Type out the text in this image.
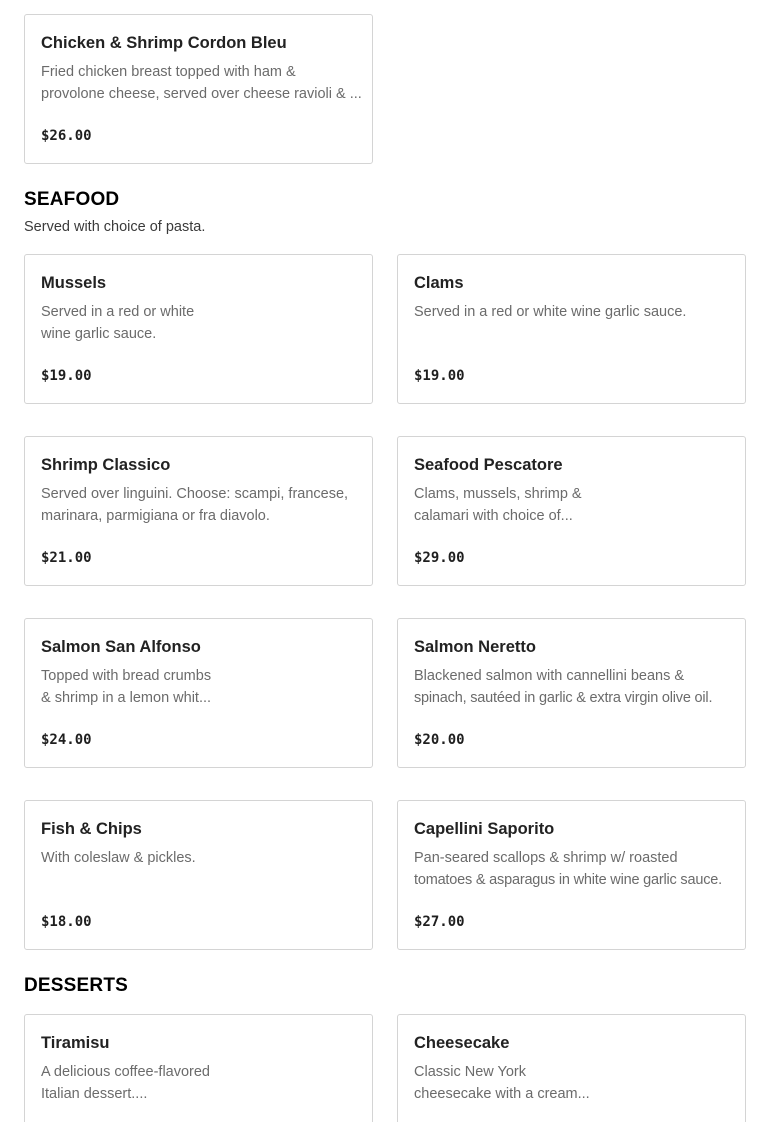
Chicken & Shrimp Cordon Bleu
Fried chicken breast topped with ham &
provolone cheese, served over cheese ravioli & ...
$26.00
SEAFOOD
Served with choice of pasta.
Mussels
Served in a red or white
wine garlic sauce.
$19.00
Clams
Served in a red or white wine garlic sauce.
$19.00
Shrimp Classico
Served over linguini. Choose: scampi, francese,
marinara, parmigiana or fra diavolo.
$21.00
Seafood Pescatore
Clams, mussels, shrimp &
calamari with choice of...
$29.00
Salmon San Alfonso
Topped with bread crumbs
& shrimp in a lemon whit...
$24.00
Salmon Neretto
Blackened salmon with cannellini beans &
spinach, sautéed in garlic & extra virgin olive oil.
$20.00
Fish & Chips
With coleslaw & pickles.
$18.00
Capellini Saporito
Pan-seared scallops & shrimp w/ roasted
tomatoes & asparagus in white wine garlic sauce.
$27.00
DESSERTS
Tiramisu
A delicious coffee-flavored
Italian dessert....
Cheesecake
Classic New York
cheesecake with a cream...
